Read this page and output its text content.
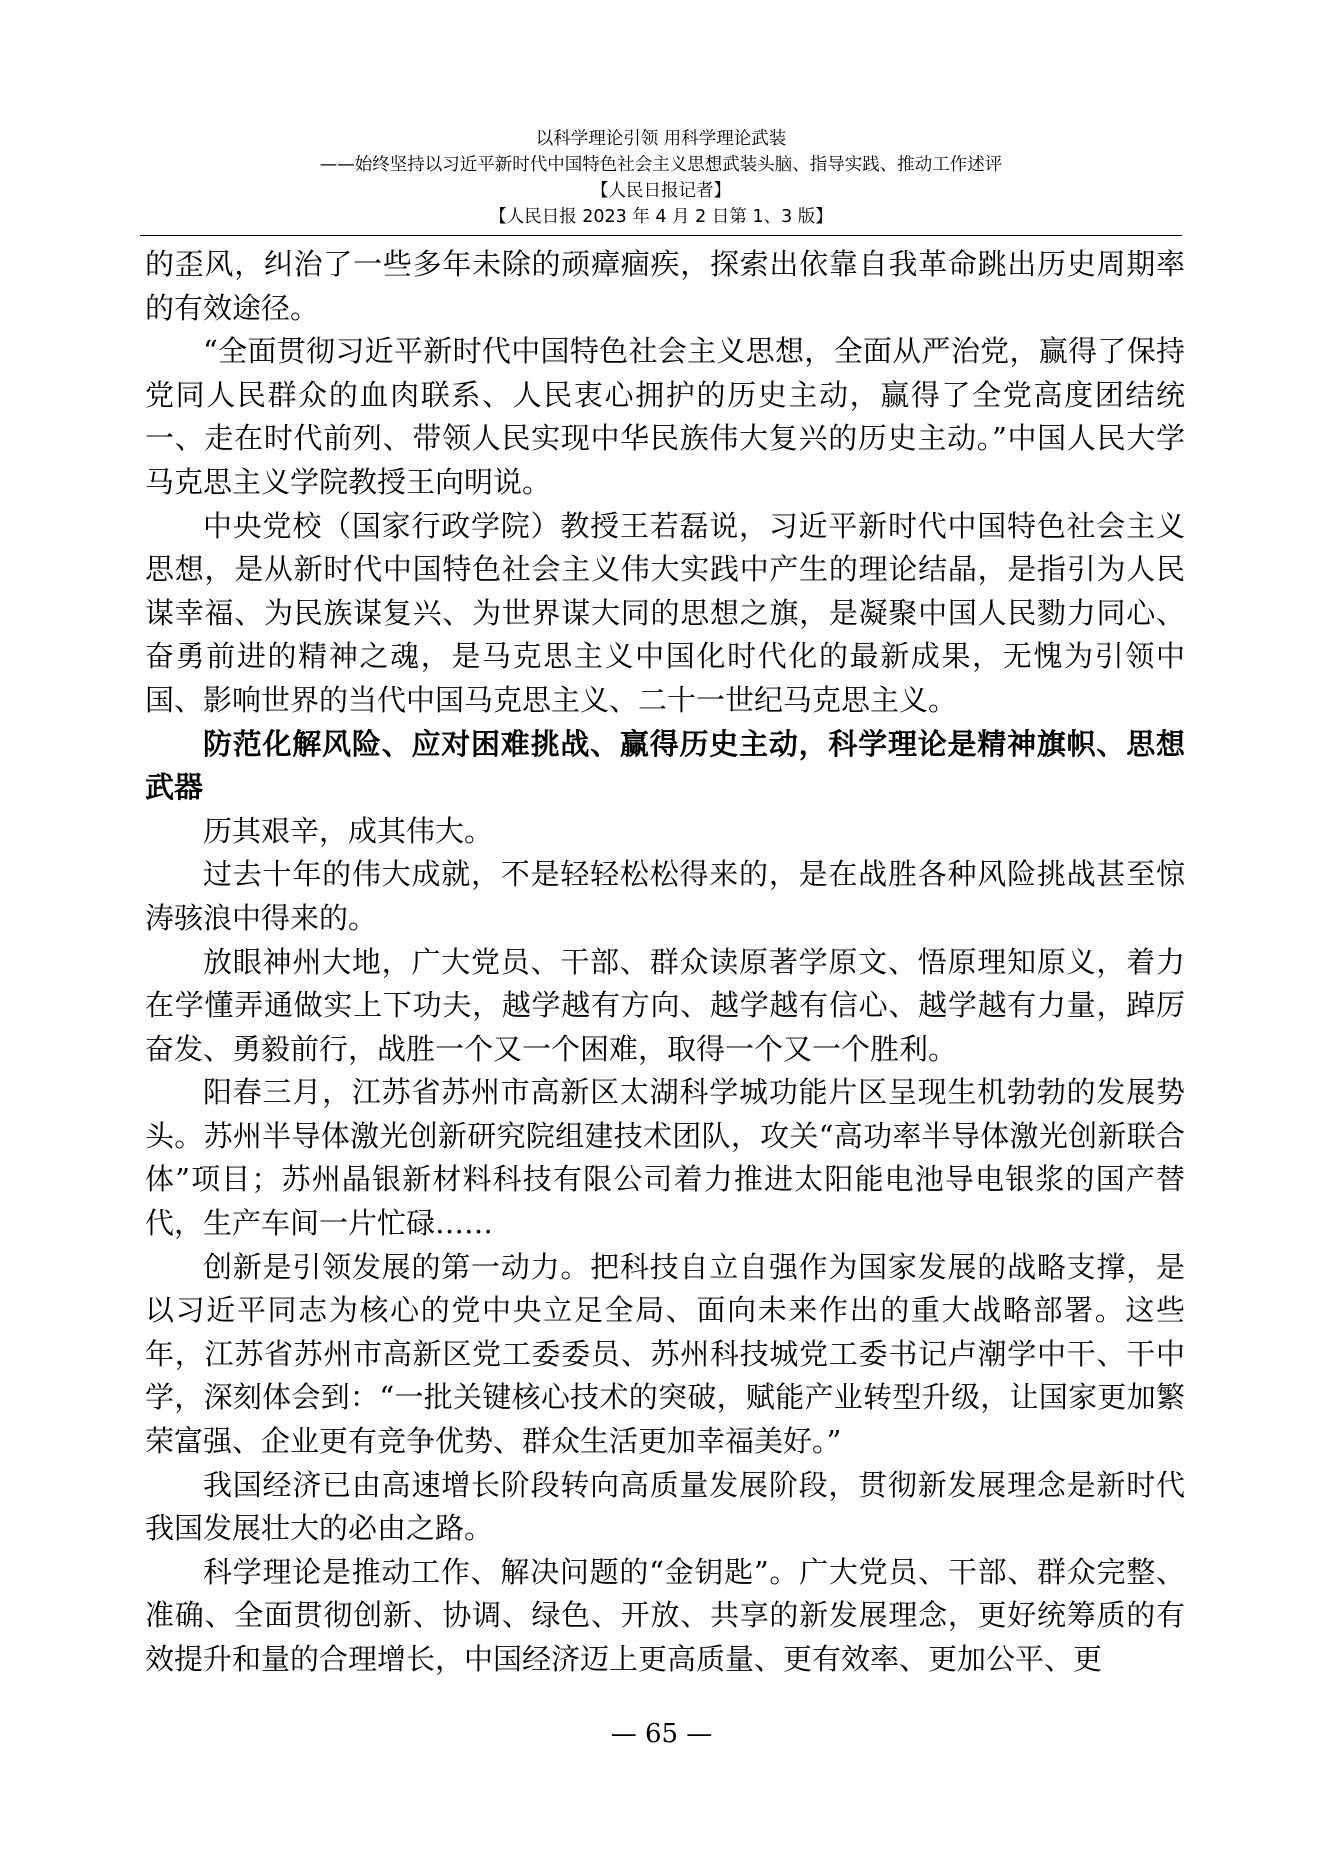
以科学理论引领 用科学理论武装
——始终坚持以习近平新时代中国特色社会主义思想武装头脑、指导实践、推动工作述评
【人民日报记者】
【人民日报 2023 年 4 月 2 日第 1、3 版】

的歪风，纠治了一些多年未除的顽瘴痼疾，探索出依靠自我革命跳出历史周期率的有效途径。

“全面贯彻习近平新时代中国特色社会主义思想，全面从严治党，赢得了保持党同人民群众的血肉联系、人民衷心拥护的历史主动，赢得了全党高度团结统一、走在时代前列、带领人民实现中华民族伟大复兴的历史主动。”中国人民大学马克思主义学院教授王向明说。

中央党校（国家行政学院）教授王若磊说，习近平新时代中国特色社会主义思想，是从新时代中国特色社会主义伟大实践中产生的理论结晶，是指引为人民谋幸福、为民族谋复兴、为世界谋大同的思想之旗，是凝聚中国人民勠力同心、奋勇前进的精神之魂，是马克思主义中国化时代化的最新成果，无愧为引领中国、影响世界的当代中国马克思主义、二十一世纪马克思主义。

防范化解风险、应对困难挑战、赢得历史主动，科学理论是精神旗帜、思想武器

历其艰辛，成其伟大。

过去十年的伟大成就，不是轻轻松松得来的，是在战胜各种风险挑战甚至惊涛骇浪中得来的。

放眼神州大地，广大党员、干部、群众读原著学原文、悟原理知原义，着力在学懂弄通做实上下功夫，越学越有方向、越学越有信心、越学越有力量，踔厉奋发、勇毅前行，战胜一个又一个困难，取得一个又一个胜利。

阳春三月，江苏省苏州市高新区太湖科学城功能片区呈现生机勃勃的发展势头。苏州半导体激光创新研究院组建技术团队，攻关“高功率半导体激光创新联合体”项目；苏州晶银新材料科技有限公司着力推进太阳能电池导电银浆的国产替代，生产车间一片忙碌……

创新是引领发展的第一动力。把科技自立自强作为国家发展的战略支撑，是以习近平同志为核心的党中央立足全局、面向未来作出的重大战略部署。这些年，江苏省苏州市高新区党工委委员、苏州科技城党工委书记卢潮学中干、干中学，深刻体会到：“一批关键核心技术的突破，赋能产业转型升级，让国家更加繁荣富强、企业更有竞争优势、群众生活更加幸福美好。”

我国经济已由高速增长阶段转向高质量发展阶段，贯彻新发展理念是新时代我国发展壮大的必由之路。

科学理论是推动工作、解决问题的“金钥匙”。广大党员、干部、群众完整、准确、全面贯彻创新、协调、绿色、开放、共享的新发展理念，更好统筹质的有效提升和量的合理增长，中国经济迈上更高质量、更有效率、更加公平、更

— 65 —
